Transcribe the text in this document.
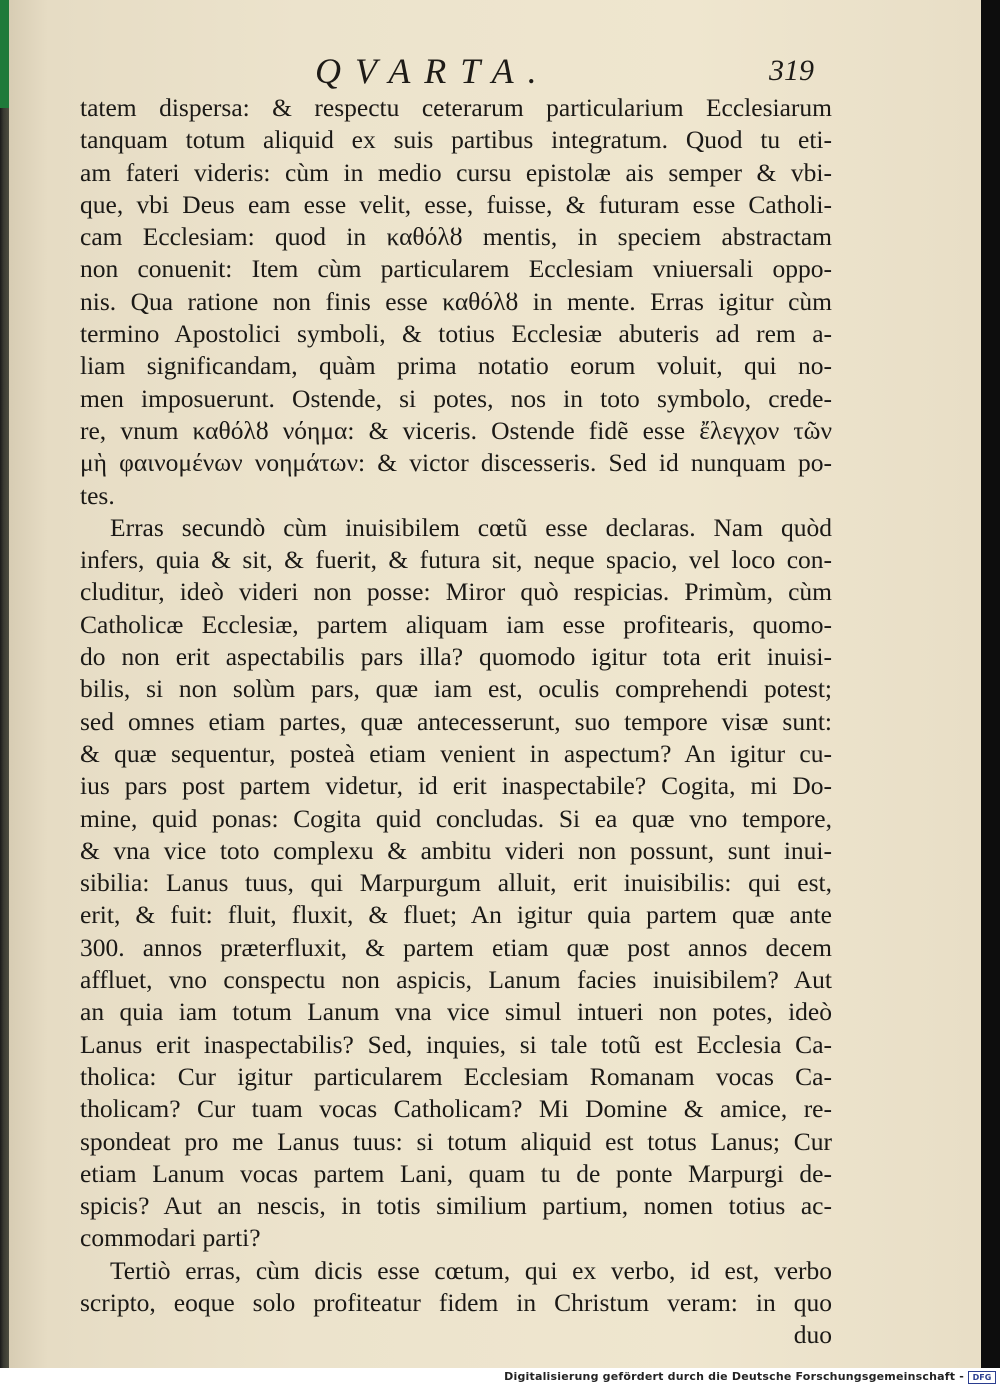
QVARTA.	319
tatem dispersa: & respectu ceterarum particularium Ecclesiarum
tanquam totum aliquid ex suis partibus integratum. Quod tu eti-
am fateri videris: cùm in medio cursu epistolæ ais semper & vbi-
que, vbi Deus eam esse velit, esse, fuisse, & futuram esse Catholi-
cam Ecclesiam: quod in καθόλȣ mentis, in speciem abstractam
non conuenit: Item cùm particularem Ecclesiam vniuersali oppo-
nis. Qua ratione non finis esse καθόλȣ in mente. Erras igitur cùm
termino Apostolici symboli, & totius Ecclesiæ abuteris ad rem a-
liam significandam, quàm prima notatio eorum voluit, qui no-
men imposuerunt. Ostende, si potes, nos in toto symbolo, crede-
re, vnum καθόλȣ νόημα: & viceris. Ostende fidẽ esse ἔλεγχον τῶν
μὴ φαινομένων νοημάτων: & victor discesseris. Sed id nunquam po-
tes.
Erras secundò cùm inuisibilem cœtũ esse declaras. Nam quòd
infers, quia & sit, & fuerit, & futura sit, neque spacio, vel loco con-
cluditur, ideò videri non posse: Miror quò respicias. Primùm, cùm
Catholicæ Ecclesiæ, partem aliquam iam esse profitearis, quomo-
do non erit aspectabilis pars illa? quomodo igitur tota erit inuisi-
bilis, si non solùm pars, quæ iam est, oculis comprehendi potest;
sed omnes etiam partes, quæ antecesserunt, suo tempore visæ sunt:
& quæ sequentur, posteà etiam venient in aspectum? An igitur cu-
ius pars post partem videtur, id erit inaspectabile? Cogita, mi Do-
mine, quid ponas: Cogita quid concludas. Si ea quæ vno tempore,
& vna vice toto complexu & ambitu videri non possunt, sunt inui-
sibilia: Lanus tuus, qui Marpurgum alluit, erit inuisibilis: qui est,
erit, & fuit: fluit, fluxit, & fluet; An igitur quia partem quæ ante
300. annos præterfluxit, & partem etiam quæ post annos decem
affluet, vno conspectu non aspicis, Lanum facies inuisibilem? Aut
an quia iam totum Lanum vna vice simul intueri non potes, ideò
Lanus erit inaspectabilis? Sed, inquies, si tale totũ est Ecclesia Ca-
tholica: Cur igitur particularem Ecclesiam Romanam vocas Ca-
tholicam? Cur tuam vocas Catholicam? Mi Domine & amice, re-
spondeat pro me Lanus tuus: si totum aliquid est totus Lanus; Cur
etiam Lanum vocas partem Lani, quam tu de ponte Marpurgi de-
spicis? Aut an nescis, in totis similium partium, nomen totius ac-
commodari parti?
Tertiò erras, cùm dicis esse cœtum, qui ex verbo, id est, verbo
scripto, eoque solo profiteatur fidem in Christum veram: in quo
duo
Digitalisierung gefördert durch die Deutsche Forschungsgemeinschaft -	DFG
